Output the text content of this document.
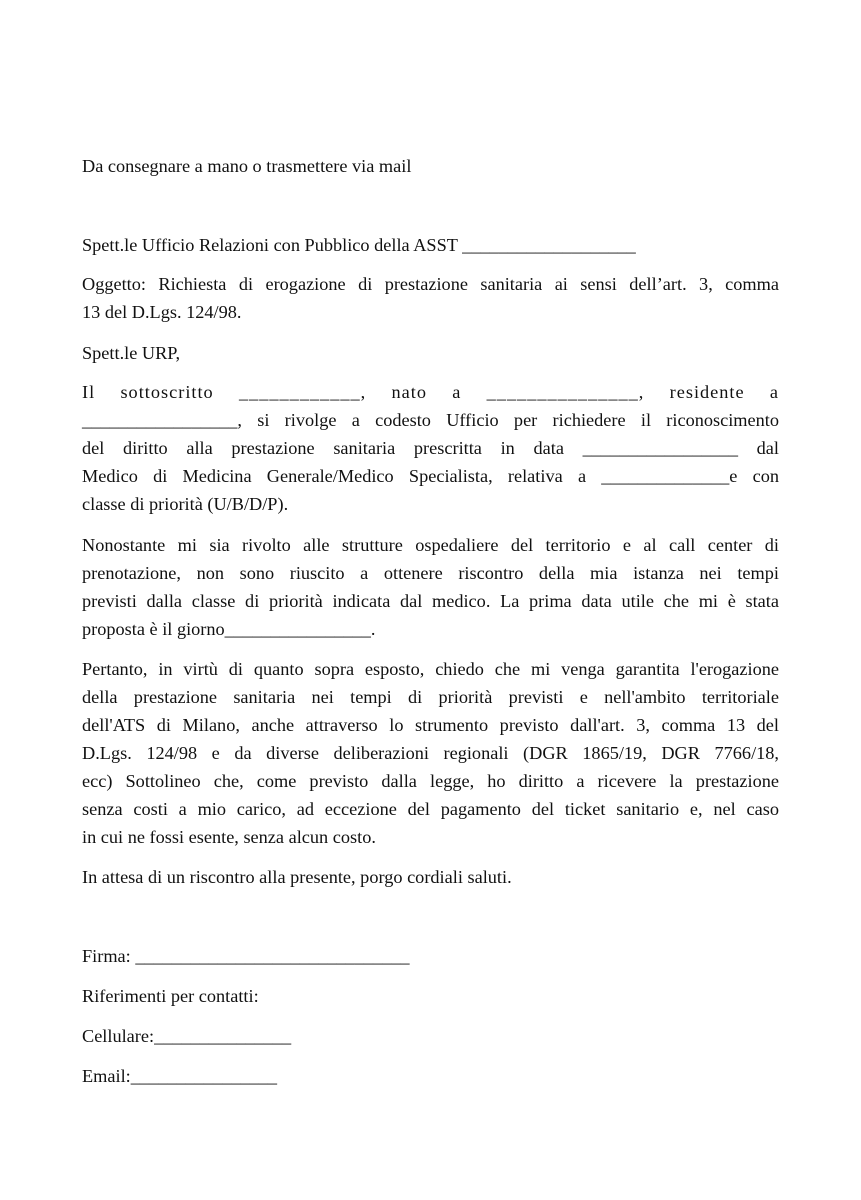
Da consegnare a mano o trasmettere via mail
Spett.le Ufficio Relazioni con Pubblico della ASST ___________________
Oggetto: Richiesta di erogazione di prestazione sanitaria ai sensi dell’art. 3, comma
13 del D.Lgs. 124/98.
Spett.le URP,
Il sottoscritto ____________, nato a _______________, residente a
_________________, si rivolge a codesto Ufficio per richiedere il riconoscimento
del diritto alla prestazione sanitaria prescritta in data _________________ dal
Medico di Medicina Generale/Medico Specialista, relativa a ______________e con
classe di priorità (U/B/D/P).
Nonostante mi sia rivolto alle strutture ospedaliere del territorio e al call center di
prenotazione, non sono riuscito a ottenere riscontro della mia istanza nei tempi
previsti dalla classe di priorità indicata dal medico. La prima data utile che mi è stata
proposta è il giorno________________.
Pertanto, in virtù di quanto sopra esposto, chiedo che mi venga garantita l'erogazione
della prestazione sanitaria nei tempi di priorità previsti e nell'ambito territoriale
dell'ATS di Milano, anche attraverso lo strumento previsto dall'art. 3, comma 13 del
D.Lgs. 124/98 e da diverse deliberazioni regionali (DGR 1865/19, DGR 7766/18,
ecc) Sottolineo che, come previsto dalla legge, ho diritto a ricevere la prestazione
senza costi a mio carico, ad eccezione del pagamento del ticket sanitario e, nel caso
in cui ne fossi esente, senza alcun costo.
In attesa di un riscontro alla presente, porgo cordiali saluti.
Firma: ______________________________
Riferimenti per contatti:
Cellulare:_______________
Email:________________
